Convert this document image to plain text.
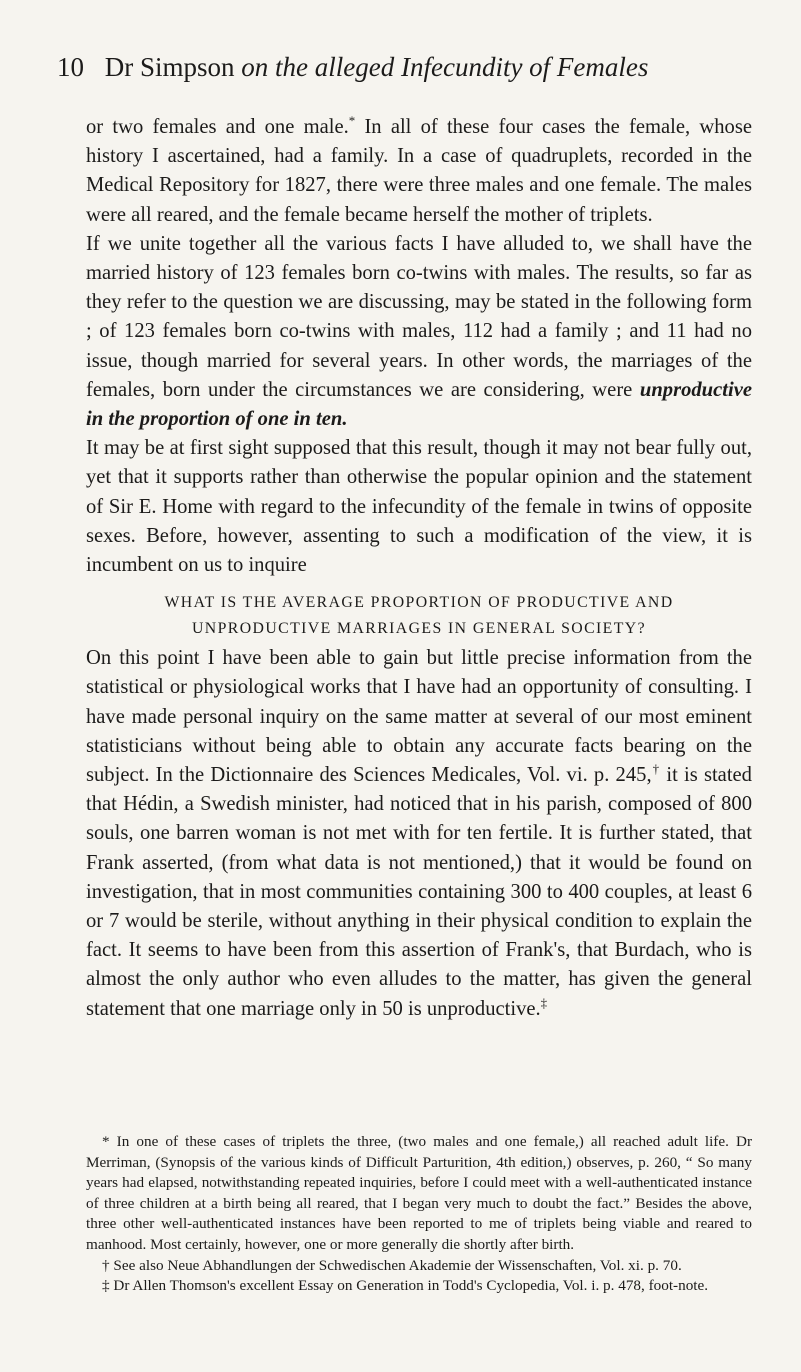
10 Dr Simpson on the alleged Infecundity of Females

or two females and one male.* In all of these four cases the female, whose history I ascertained, had a family. In a case of quadruplets, recorded in the Medical Repository for 1827, there were three males and one female. The males were all reared, and the female became herself the mother of triplets.

If we unite together all the various facts I have alluded to, we shall have the married history of 123 females born co-twins with males. The results, so far as they refer to the question we are discussing, may be stated in the following form ; of 123 females born co-twins with males, 112 had a family ; and 11 had no issue, though married for several years. In other words, the marriages of the females, born under the circumstances we are considering, were unproductive in the proportion of one in ten.

It may be at first sight supposed that this result, though it may not bear fully out, yet that it supports rather than otherwise the popular opinion and the statement of Sir E. Home with regard to the infecundity of the female in twins of opposite sexes. Before, however, assenting to such a modification of the view, it is incumbent on us to inquire

WHAT IS THE AVERAGE PROPORTION OF PRODUCTIVE AND
UNPRODUCTIVE MARRIAGES IN GENERAL SOCIETY?

On this point I have been able to gain but little precise information from the statistical or physiological works that I have had an opportunity of consulting. I have made personal inquiry on the same matter at several of our most eminent statisticians without being able to obtain any accurate facts bearing on the subject. In the Dictionnaire des Sciences Medicales, Vol. vi. p. 245,† it is stated that Hédin, a Swedish minister, had noticed that in his parish, composed of 800 souls, one barren woman is not met with for ten fertile. It is further stated, that Frank asserted, (from what data is not mentioned,) that it would be found on investigation, that in most communities containing 300 to 400 couples, at least 6 or 7 would be sterile, without anything in their physical condition to explain the fact. It seems to have been from this assertion of Frank's, that Burdach, who is almost the only author who even alludes to the matter, has given the general statement that one marriage only in 50 is unproductive.‡

* In one of these cases of triplets the three, (two males and one female,) all reached adult life. Dr Merriman, (Synopsis of the various kinds of Difficult Parturition, 4th edition,) observes, p. 260, “ So many years had elapsed, notwithstanding repeated inquiries, before I could meet with a well-authenticated instance of three children at a birth being all reared, that I began very much to doubt the fact.” Besides the above, three other well-authenticated instances have been reported to me of triplets being viable and reared to manhood. Most certainly, however, one or more generally die shortly after birth.

† See also Neue Abhandlungen der Schwedischen Akademie der Wissenschaften, Vol. xi. p. 70.

‡ Dr Allen Thomson's excellent Essay on Generation in Todd's Cyclopedia, Vol. i. p. 478, foot-note.
